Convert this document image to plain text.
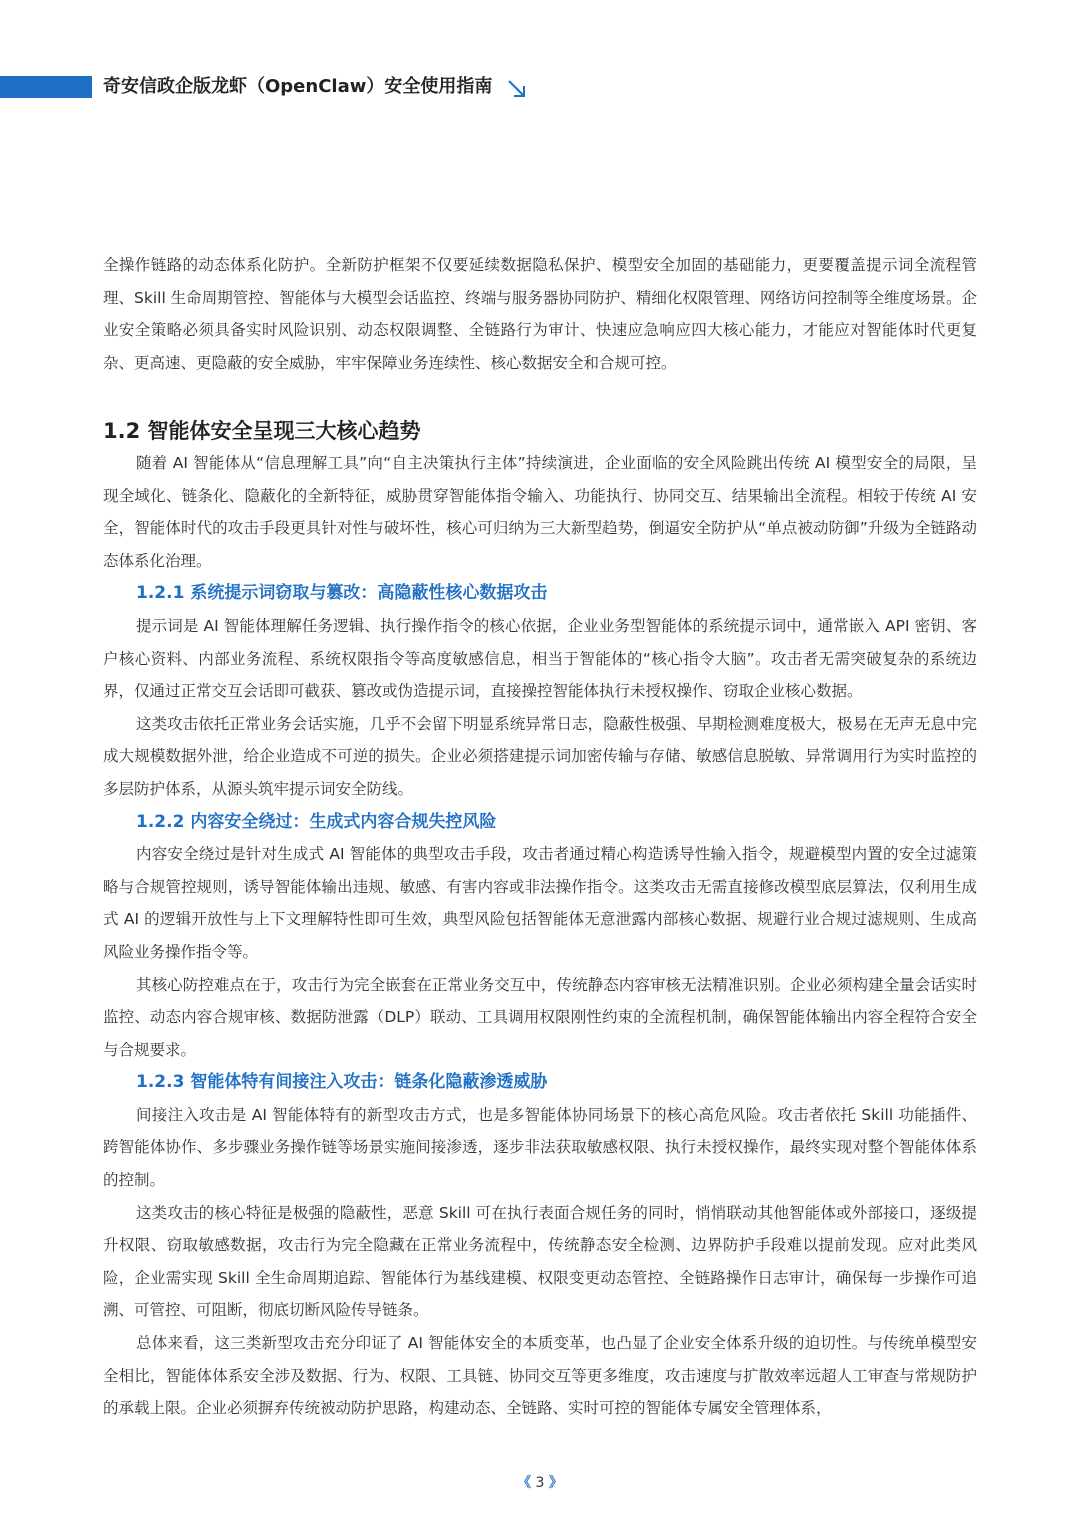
奇安信政企版龙虾（OpenClaw）安全使用指南

全操作链路的动态体系化防护。全新防护框架不仅要延续数据隐私保护、模型安全加固的基础能力，更要覆盖提示词全流程管理、Skill 生命周期管控、智能体与大模型会话监控、终端与服务器协同防护、精细化权限管理、网络访问控制等全维度场景。企业安全策略必须具备实时风险识别、动态权限调整、全链路行为审计、快速应急响应四大核心能力，才能应对智能体时代更复杂、更高速、更隐蔽的安全威胁，牢牢保障业务连续性、核心数据安全和合规可控。

1.2 智能体安全呈现三大核心趋势

随着 AI 智能体从“信息理解工具”向“自主决策执行主体”持续演进，企业面临的安全风险跳出传统 AI 模型安全的局限，呈现全域化、链条化、隐蔽化的全新特征，威胁贯穿智能体指令输入、功能执行、协同交互、结果输出全流程。相较于传统 AI 安全，智能体时代的攻击手段更具针对性与破坏性，核心可归纳为三大新型趋势，倒逼安全防护从“单点被动防御”升级为全链路动态体系化治理。

1.2.1 系统提示词窃取与篡改：高隐蔽性核心数据攻击

提示词是 AI 智能体理解任务逻辑、执行操作指令的核心依据，企业业务型智能体的系统提示词中，通常嵌入 API 密钥、客户核心资料、内部业务流程、系统权限指令等高度敏感信息，相当于智能体的“核心指令大脑”。攻击者无需突破复杂的系统边界，仅通过正常交互会话即可截获、篡改或伪造提示词，直接操控智能体执行未授权操作、窃取企业核心数据。

这类攻击依托正常业务会话实施，几乎不会留下明显系统异常日志，隐蔽性极强、早期检测难度极大，极易在无声无息中完成大规模数据外泄，给企业造成不可逆的损失。企业必须搭建提示词加密传输与存储、敏感信息脱敏、异常调用行为实时监控的多层防护体系，从源头筑牢提示词安全防线。

1.2.2 内容安全绕过：生成式内容合规失控风险

内容安全绕过是针对生成式 AI 智能体的典型攻击手段，攻击者通过精心构造诱导性输入指令，规避模型内置的安全过滤策略与合规管控规则，诱导智能体输出违规、敏感、有害内容或非法操作指令。这类攻击无需直接修改模型底层算法，仅利用生成式 AI 的逻辑开放性与上下文理解特性即可生效，典型风险包括智能体无意泄露内部核心数据、规避行业合规过滤规则、生成高风险业务操作指令等。

其核心防控难点在于，攻击行为完全嵌套在正常业务交互中，传统静态内容审核无法精准识别。企业必须构建全量会话实时监控、动态内容合规审核、数据防泄露（DLP）联动、工具调用权限刚性约束的全流程机制，确保智能体输出内容全程符合安全与合规要求。

1.2.3 智能体特有间接注入攻击：链条化隐蔽渗透威胁

间接注入攻击是 AI 智能体特有的新型攻击方式，也是多智能体协同场景下的核心高危风险。攻击者依托 Skill 功能插件、跨智能体协作、多步骤业务操作链等场景实施间接渗透，逐步非法获取敏感权限、执行未授权操作，最终实现对整个智能体体系的控制。

这类攻击的核心特征是极强的隐蔽性，恶意 Skill 可在执行表面合规任务的同时，悄悄联动其他智能体或外部接口，逐级提升权限、窃取敏感数据，攻击行为完全隐藏在正常业务流程中，传统静态安全检测、边界防护手段难以提前发现。应对此类风险，企业需实现 Skill 全生命周期追踪、智能体行为基线建模、权限变更动态管控、全链路操作日志审计，确保每一步操作可追溯、可管控、可阻断，彻底切断风险传导链条。

总体来看，这三类新型攻击充分印证了 AI 智能体安全的本质变革，也凸显了企业安全体系升级的迫切性。与传统单模型安全相比，智能体体系安全涉及数据、行为、权限、工具链、协同交互等更多维度，攻击速度与扩散效率远超人工审查与常规防护的承载上限。企业必须摒弃传统被动防护思路，构建动态、全链路、实时可控的智能体专属安全管理体系，

《 3 》
